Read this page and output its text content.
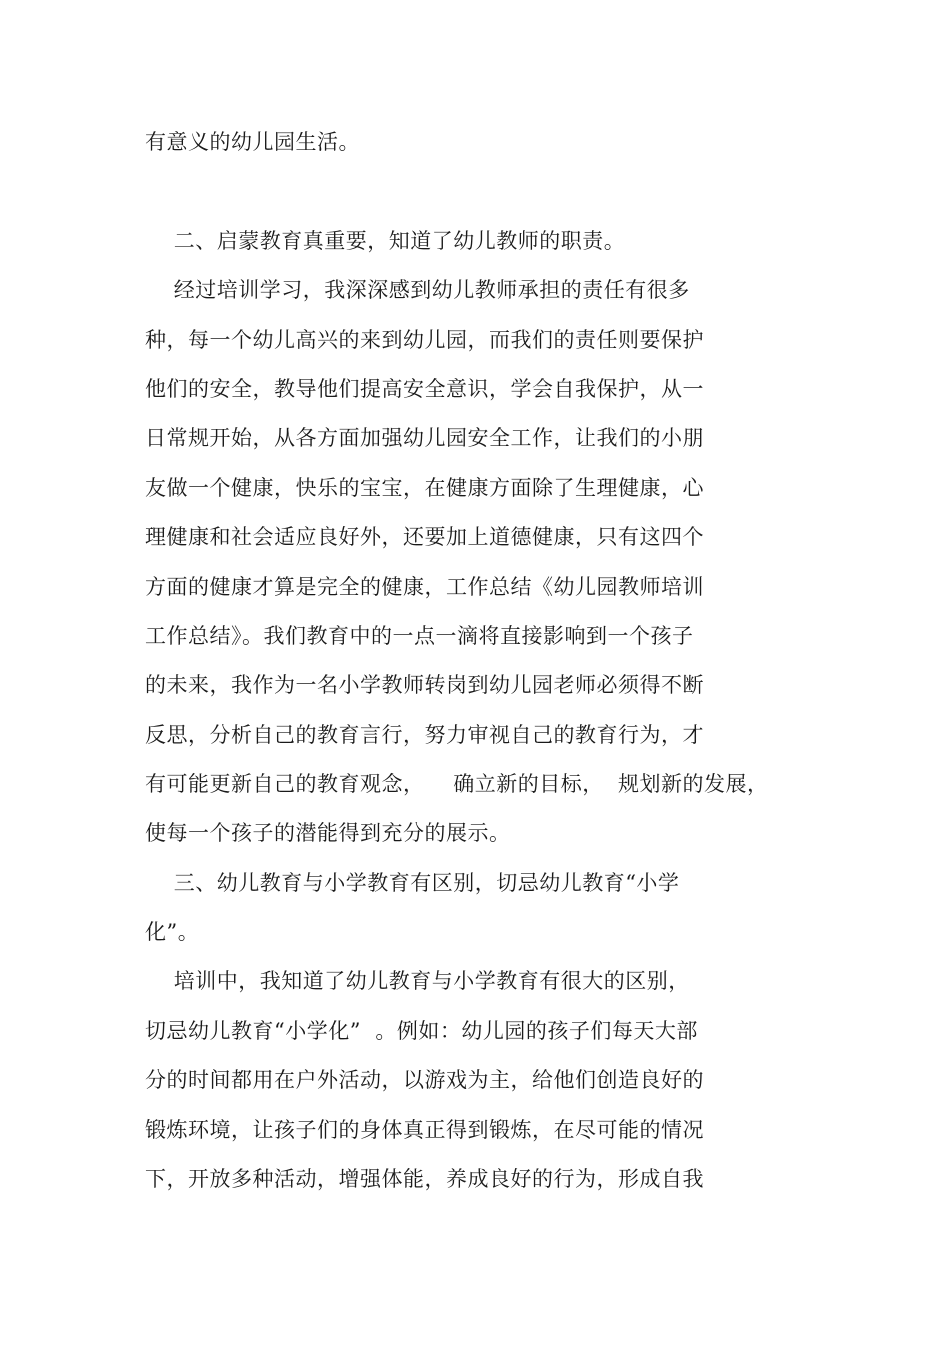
有意义的幼儿园生活。
二、启蒙教育真重要，知道了幼儿教师的职责。
经过培训学习，我深深感到幼儿教师承担的责任有很多
种，每一个幼儿高兴的来到幼儿园，而我们的责任则要保护
他们的安全，教导他们提高安全意识，学会自我保护，从一
日常规开始，从各方面加强幼儿园安全工作，让我们的小朋
友做一个健康，快乐的宝宝，在健康方面除了生理健康，心
理健康和社会适应良好外，还要加上道德健康，只有这四个
方面的健康才算是完全的健康，工作总结《幼儿园教师培训
工作总结》。我们教育中的一点一滴将直接影响到一个孩子
的未来，我作为一名小学教师转岗到幼儿园老师必须得不断
反思，分析自己的教育言行，努力审视自己的教育行为，才
有可能更新自己的教育观念，    确立新的目标，  规划新的发展，
使每一个孩子的潜能得到充分的展示。
三、幼儿教育与小学教育有区别，切忌幼儿教育“小学
化”。
培训中，我知道了幼儿教育与小学教育有很大的区别，
切忌幼儿教育“小学化”  。例如：幼儿园的孩子们每天大部
分的时间都用在户外活动，以游戏为主，给他们创造良好的
锻炼环境，让孩子们的身体真正得到锻炼，在尽可能的情况
下，开放多种活动，增强体能，养成良好的行为，形成自我
